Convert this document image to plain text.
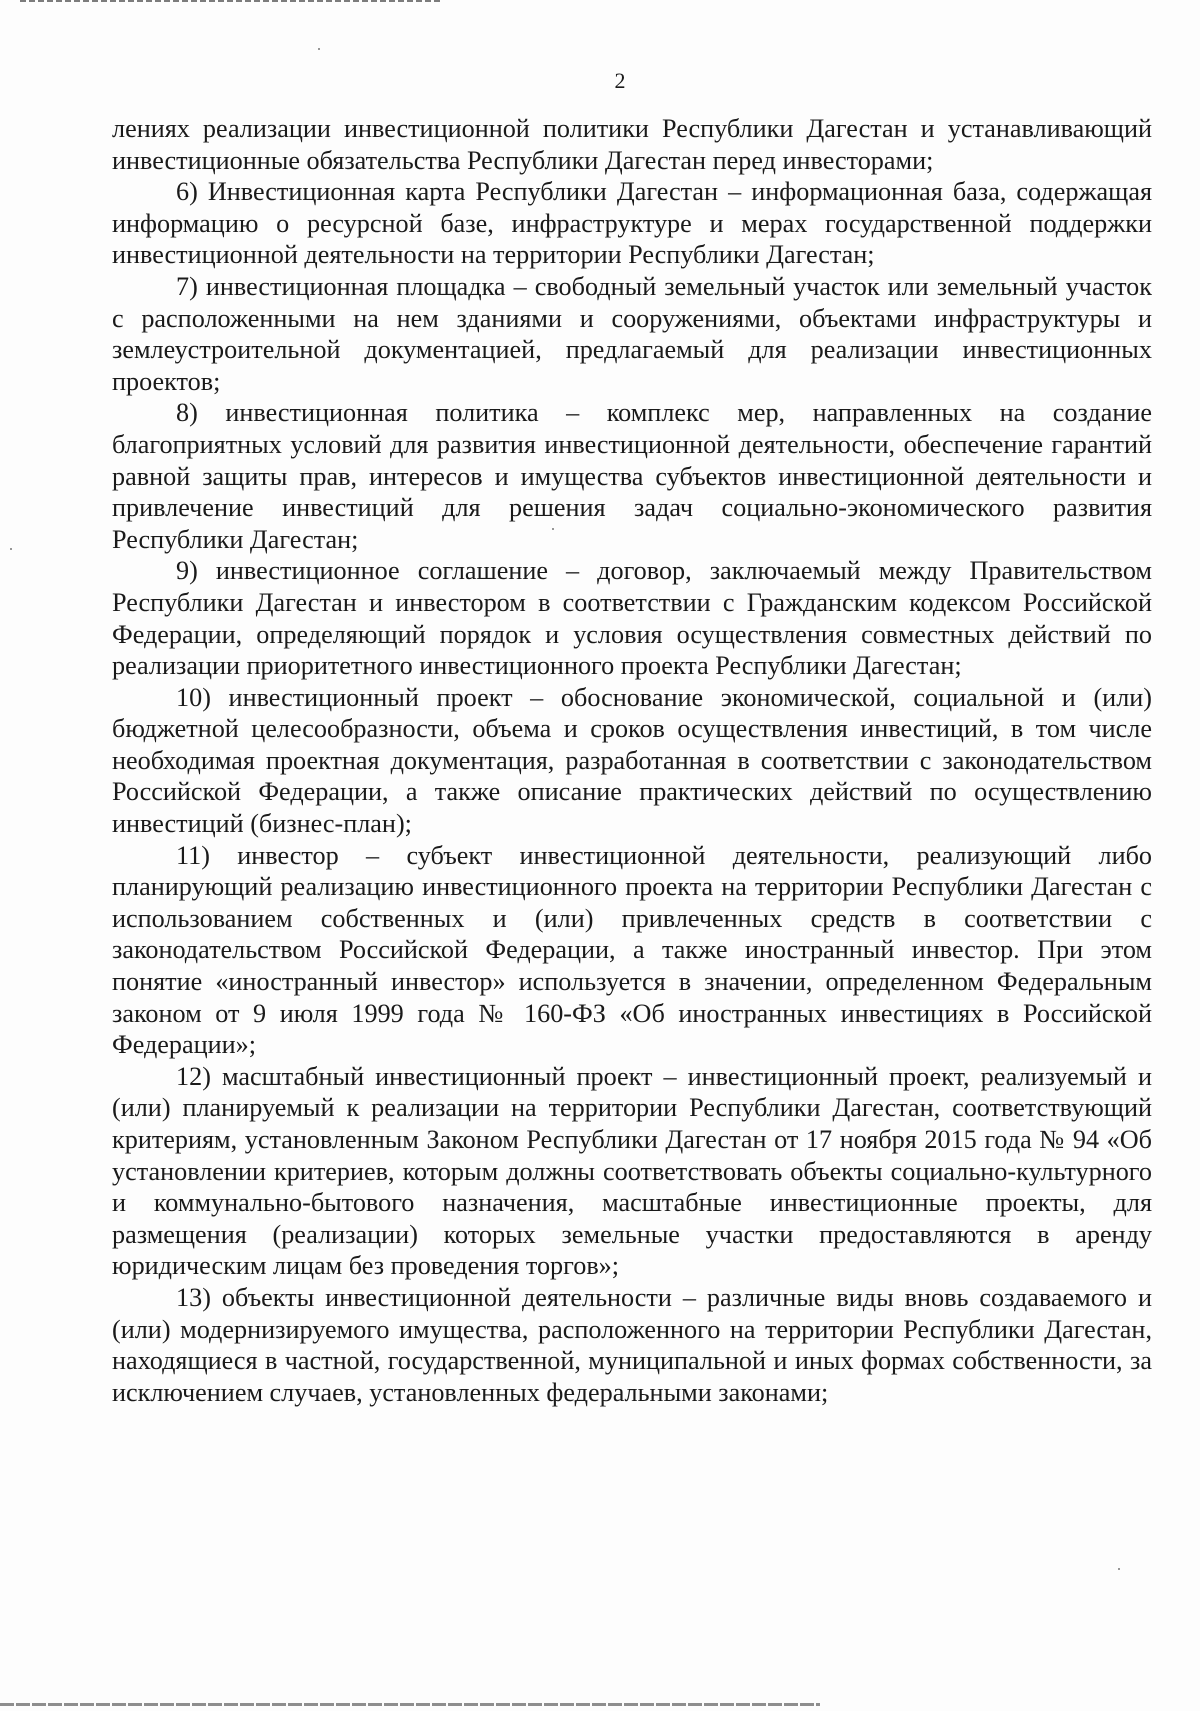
2

лениях реализации инвестиционной политики Республики Дагестан и устанавливающий инвестиционные обязательства Республики Дагестан перед инвесторами;

6) Инвестиционная карта Республики Дагестан – информационная база, содержащая информацию о ресурсной базе, инфраструктуре и мерах государственной поддержки инвестиционной деятельности на территории Республики Дагестан;

7) инвестиционная площадка – свободный земельный участок или земельный участок с расположенными на нем зданиями и сооружениями, объектами инфраструктуры и землеустроительной документацией, предлагаемый для реализации инвестиционных проектов;

8) инвестиционная политика – комплекс мер, направленных на создание благоприятных условий для развития инвестиционной деятельности, обеспечение гарантий равной защиты прав, интересов и имущества субъектов инвестиционной деятельности и привлечение инвестиций для решения задач социально-экономического развития Республики Дагестан;

9) инвестиционное соглашение – договор, заключаемый между Правительством Республики Дагестан и инвестором в соответствии с Гражданским кодексом Российской Федерации, определяющий порядок и условия осуществления совместных действий по реализации приоритетного инвестиционного проекта Республики Дагестан;

10) инвестиционный проект – обоснование экономической, социальной и (или) бюджетной целесообразности, объема и сроков осуществления инвестиций, в том числе необходимая проектная документация, разработанная в соответствии с законодательством Российской Федерации, а также описание практических действий по осуществлению инвестиций (бизнес-план);

11) инвестор – субъект инвестиционной деятельности, реализующий либо планирующий реализацию инвестиционного проекта на территории Республики Дагестан с использованием собственных и (или) привлеченных средств в соответствии с законодательством Российской Федерации, а также иностранный инвестор. При этом понятие «иностранный инвестор» используется в значении, определенном Федеральным законом от 9 июля 1999 года № 160-ФЗ «Об иностранных инвестициях в Российской Федерации»;

12) масштабный инвестиционный проект – инвестиционный проект, реализуемый и (или) планируемый к реализации на территории Республики Дагестан, соответствующий критериям, установленным Законом Республики Дагестан от 17 ноября 2015 года № 94 «Об установлении критериев, которым должны соответствовать объекты социально-культурного и коммунально-бытового назначения, масштабные инвестиционные проекты, для размещения (реализации) которых земельные участки предоставляются в аренду юридическим лицам без проведения торгов»;

13) объекты инвестиционной деятельности – различные виды вновь создаваемого и (или) модернизируемого имущества, расположенного на территории Республики Дагестан, находящиеся в частной, государственной, муниципальной и иных формах собственности, за исключением случаев, установленных федеральными законами;
